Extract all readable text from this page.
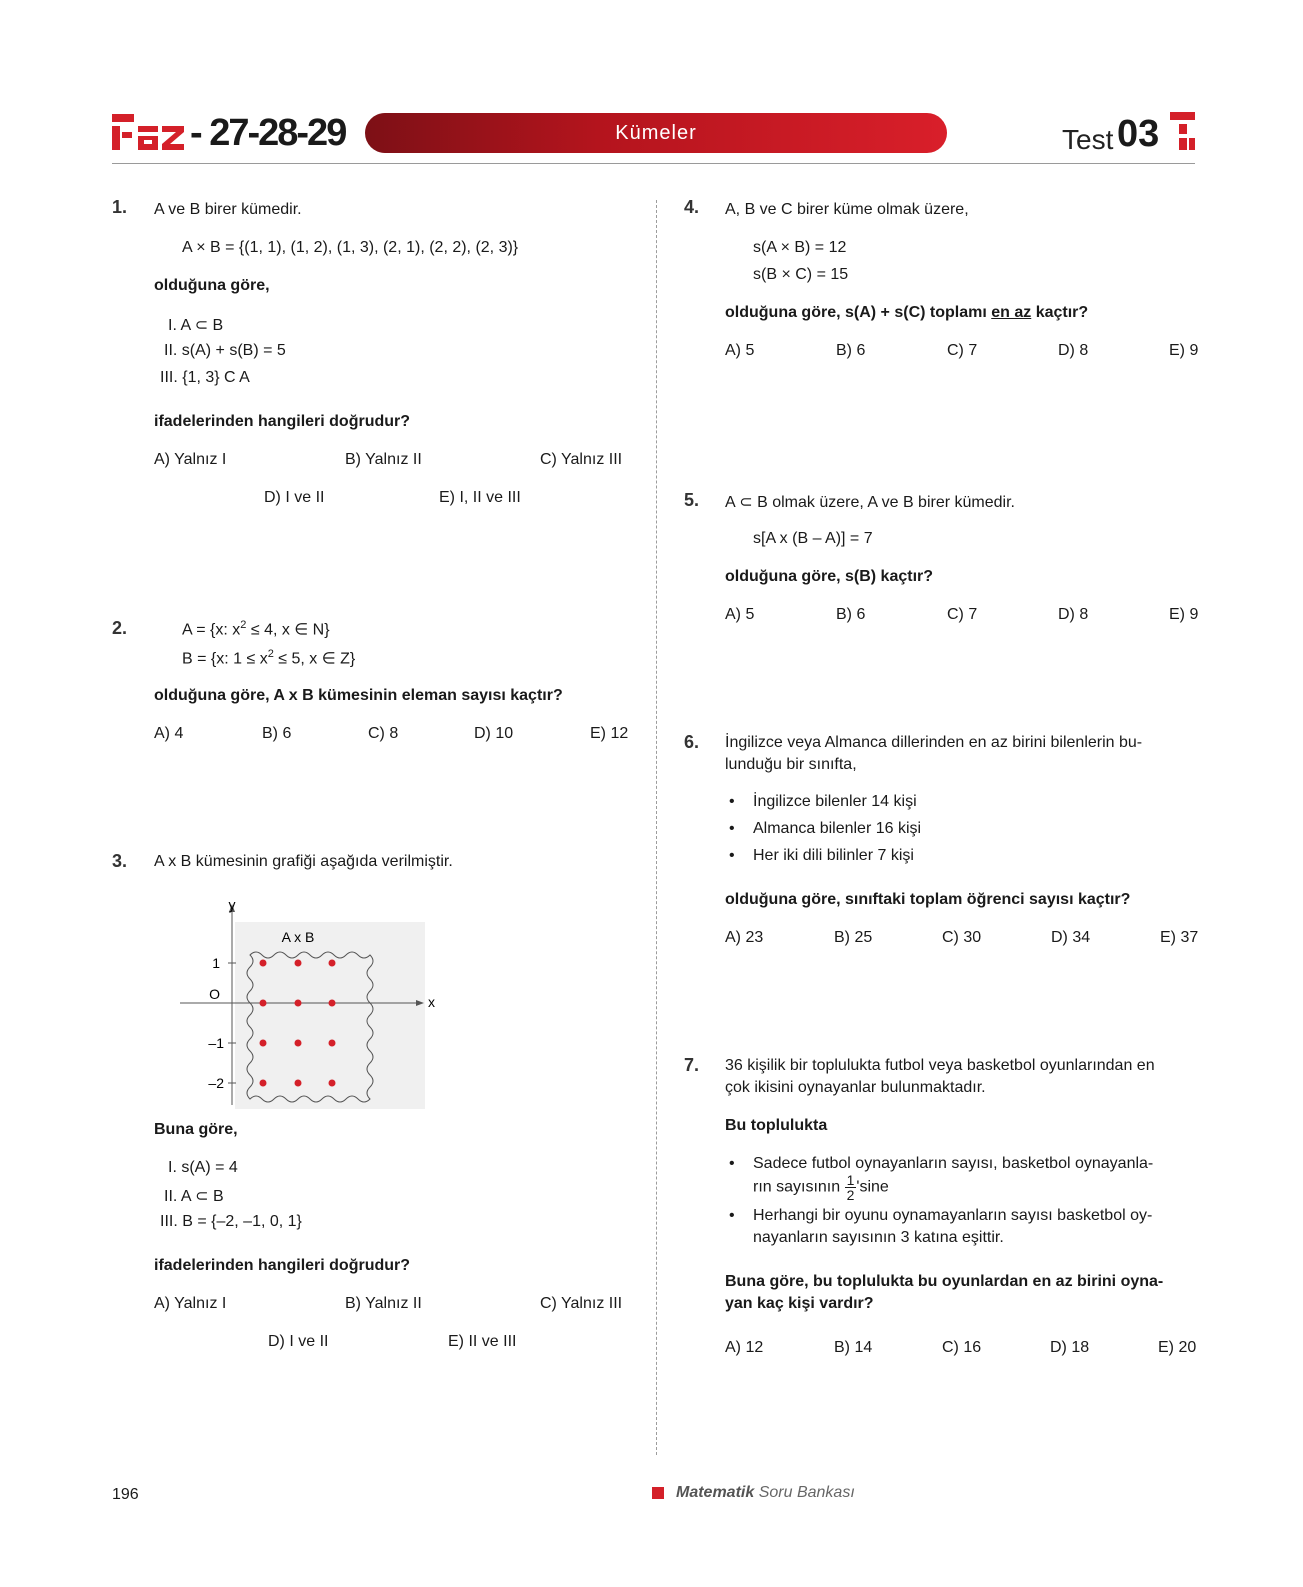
- 27-28-29	Kümeler	Test 03
1. A ve B birer kümedir.
A × B = {(1, 1), (1, 2), (1, 3), (2, 1), (2, 2), (2, 3)}
olduğuna göre,
I. A ⊂ B
II. s(A) + s(B) = 5
III. {1, 3} C A
ifadelerinden hangileri doğrudur?
A) Yalnız I	B) Yalnız II	C) Yalnız III
D) I ve II	E) I, II ve III
2.	A = {x: $x^2 \le 4$, x ∈ N}
B = {x: $1 \le x^2 \le 5$, x ∈ Z}
olduğuna göre, A x B kümesinin eleman sayısı kaçtır?
A) 4	B) 6	C) 8	D) 10	E) 12
3. A x B kümesinin grafiği aşağıda verilmiştir.
y
x
A x B
1
O
–1
–2
Buna göre,
I. s(A) = 4
II. A ⊂ B
III. B = {–2, –1, 0, 1}
ifadelerinden hangileri doğrudur?
A) Yalnız I	B) Yalnız II	C) Yalnız III
D) I ve II	E) II ve III
4. A, B ve C birer küme olmak üzere,
s(A × B) = 12
s(B × C) = 15
olduğuna göre, s(A) + s(C) toplamı en az kaçtır?
A) 5	B) 6	C) 7	D) 8	E) 9
5. A ⊂ B olmak üzere, A ve B birer kümedir.
s[A x (B – A)] = 7
olduğuna göre, s(B) kaçtır?
A) 5	B) 6	C) 7	D) 8	E) 9
6. İngilizce veya Almanca dillerinden en az birini bilenlerin bu-
lunduğu bir sınıfta,
• İngilizce bilenler 14 kişi
• Almanca bilenler 16 kişi
• Her iki dili bilinler 7 kişi
olduğuna göre, sınıftaki toplam öğrenci sayısı kaçtır?
A) 23	B) 25	C) 30	D) 34	E) 37
7. 36 kişilik bir toplulukta futbol veya basketbol oyunlarından en
çok ikisini oynayanlar bulunmaktadır.
Bu toplulukta
• Sadece futbol oynayanların sayısı, basketbol oynayanla-
rın sayısının $\frac{1}{2}$ 'sine
• Herhangi bir oyunu oynamayanların sayısı basketbol oy-
nayanların sayısının 3 katına eşittir.
Buna göre, bu toplulukta bu oyunlardan en az birini oyna-
yan kaç kişi vardır?
A) 12	B) 14	C) 16	D) 18	E) 20
196	Matematik Soru Bankası
